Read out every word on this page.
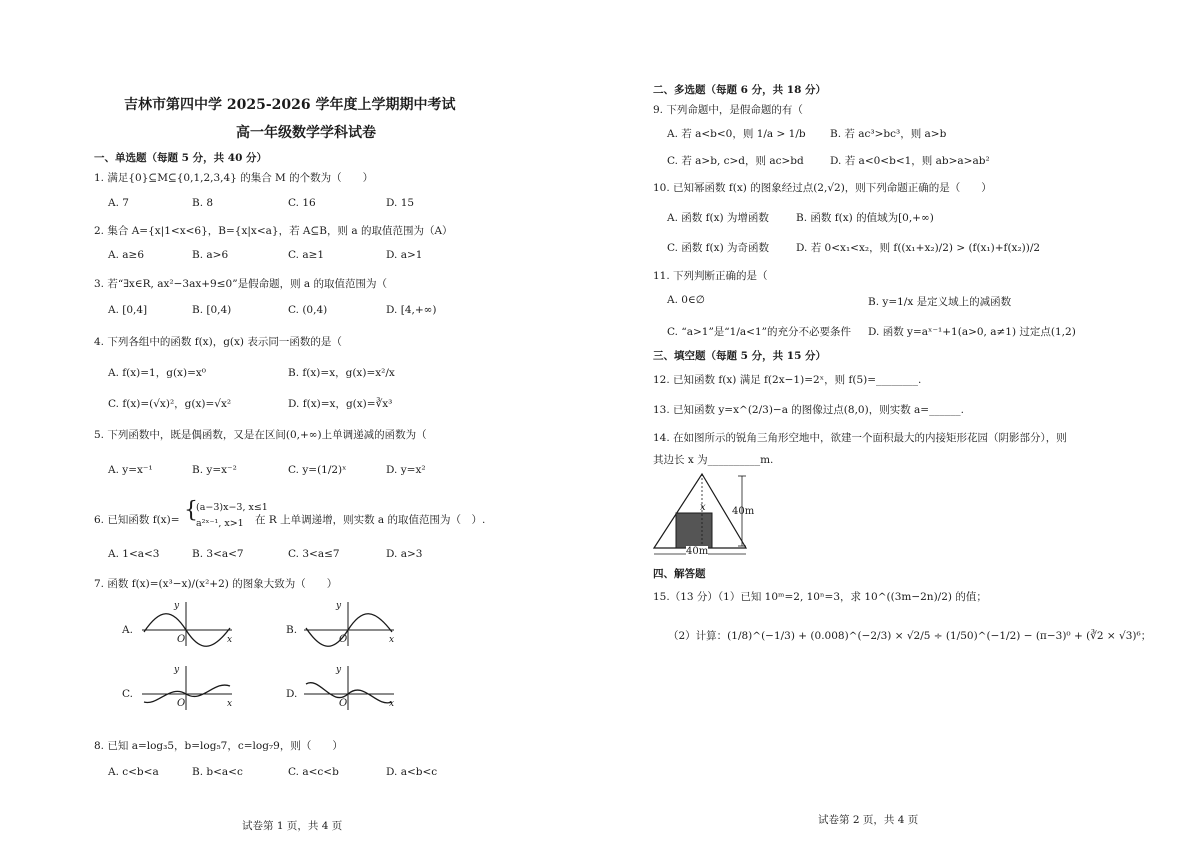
吉林市第四中学 2025-2026 学年度上学期期中考试
高一年级数学学科试卷
一、单选题（每题 5 分，共 40 分）
1. 满足{0}⊆M⊆{0,1,2,3,4} 的集合 M 的个数为（　　）
A. 7	B. 8	C. 16	D. 15
2. 集合 A={x|1<x<6}，B={x|x<a}，若 A⊆B，则 a 的取值范围为（A）
A. a≥6	B. a>6	C. a≥1	D. a>1
3. 若“∃x∈R, ax²−3ax+9≤0”是假命题，则 a 的取值范围为（
A. [0,4]	B. [0,4)	C. (0,4)	D. [4,+∞)
4. 下列各组中的函数 f(x)，g(x) 表示同一函数的是（
A. f(x)=1，g(x)=x⁰	B. f(x)=x，g(x)=x²/x
C. f(x)=(√x)²，g(x)=√x²	D. f(x)=x，g(x)=∛x³
5. 下列函数中，既是偶函数，又是在区间(0,+∞)上单调递减的函数为（
A. y=x⁻¹	B. y=x⁻²	C. y=(1/2)ˣ	D. y=x²
6. 已知函数 f(x)= {
(a−3)x−3, x≤1
a²ˣ⁻¹, x>1 在 R 上单调递增，则实数 a 的取值范围为（　）.
A. 1<a<3	B. 3<a<7	C. 3<a≤7	D. a>3
7. 函数 f(x)=(x³−x)/(x²+2) 的图象大致为（　　）
A.
O	x
y
B.
O	x
y
C.
O	x
y
D.
O	x
y
8. 已知 a=log₃5，b=log₅7，c=log₇9，则（　　）
A. c<b<a	B. b<a<c	C. a<c<b	D. a<b<c
试卷第 1 页，共 4 页
二、多选题（每题 6 分，共 18 分）
9. 下列命题中，是假命题的有（
A. 若 a<b<0，则 1/a > 1/b B. 若 ac³>bc³，则 a>b
C. 若 a>b, c>d，则 ac>bd	D. 若 a<0<b<1，则 ab>a>ab²
10. 已知幂函数 f(x) 的图象经过点(2,√2)，则下列命题正确的是（　　）
A. 函数 f(x) 为增函数	B. 函数 f(x) 的值域为[0,+∞)
C. 函数 f(x) 为奇函数	D. 若 0<x₁<x₂，则 f((x₁+x₂)/2) > (f(x₁)+f(x₂))/2
11. 下列判断正确的是（
A. 0∈∅	B. y=1/x 是定义域上的减函数
C. “a>1”是“1/a<1”的充分不必要条件 D. 函数 y=aˣ⁻¹+1(a>0, a≠1) 过定点(1,2)
三、填空题（每题 5 分，共 15 分）
12. 已知函数 f(x) 满足 f(2x−1)=2ˣ，则 f(5)=________.
13. 已知函数 y=x^(2/3)−a 的图像过点(8,0)，则实数 a=______.
14. 在如图所示的锐角三角形空地中，欲建一个面积最大的内接矩形花园（阴影部分），则
其边长 x 为__________m.
40m
40m
x
四、解答题
15.（13 分）（1）已知 10ᵐ=2, 10ⁿ=3，求 10^((3m−2n)/2) 的值；
（2）计算：(1/8)^(−1/3) + (0.008)^(−2/3) × √2/5 ÷ (1/50)^(−1/2) − (π−3)⁰ + (∛2 × √3)⁶；
试卷第 2 页，共 4 页
